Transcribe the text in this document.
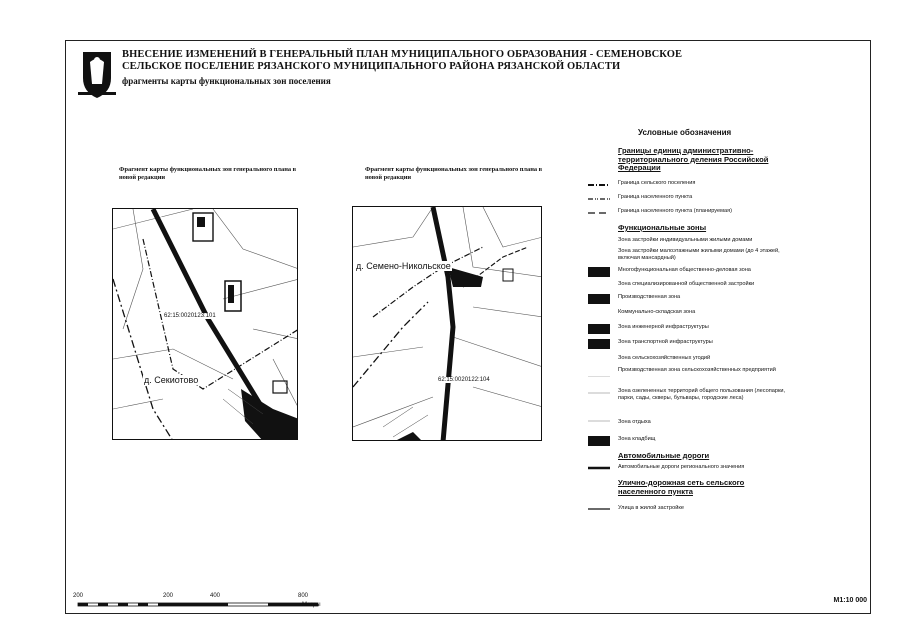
ВНЕСЕНИЕ ИЗМЕНЕНИЙ В ГЕНЕРАЛЬНЫЙ ПЛАН МУНИЦИПАЛЬНОГО ОБРАЗОВАНИЯ - СЕМЕНОВСКОЕ
СЕЛЬСКОЕ ПОСЕЛЕНИЕ РЯЗАНСКОГО МУНИЦИПАЛЬНОГО РАЙОНА РЯЗАНСКОЙ ОБЛАСТИ
фрагменты карты функциональных зон поселения
Фрагмент карты функциональных зон генерального плана в новой редакции
Фрагмент карты функциональных зон генерального плана в новой редакции
62:15:0020123:101
д. Секиотово
д. Семено-Никольское
62:15:0020122:104
Условные обозначения
Границы единиц административно-территориального деления Российской Федерации
Граница сельского поселения
Граница населенного пункта
Граница населенного пункта (планируемая)
Функциональные зоны
Зона застройки индивидуальными жилыми домами
Зона застройки малоэтажными жилыми домами (до 4 этажей, включая мансардный)
Многофункциональная общественно-деловая зона
Зона специализированной общественной застройки
Производственная зона
Коммунально-складская зона
Зона инженерной инфраструктуры
Зона транспортной инфраструктуры
Зона сельскохозяйственных угодий
Производственная зона сельскохозяйственных предприятий
Зона озелененных территорий общего пользования (лесопарки, парки, сады, скверы, бульвары, городские леса)
Зона отдыха
Зона кладбищ
Автомобильные дороги
Автомобильные дороги регионального значения
Улично-дорожная сеть сельского населенного пункта
Улица в жилой застройке
200	200	400	800
Метры
М1:10 000
